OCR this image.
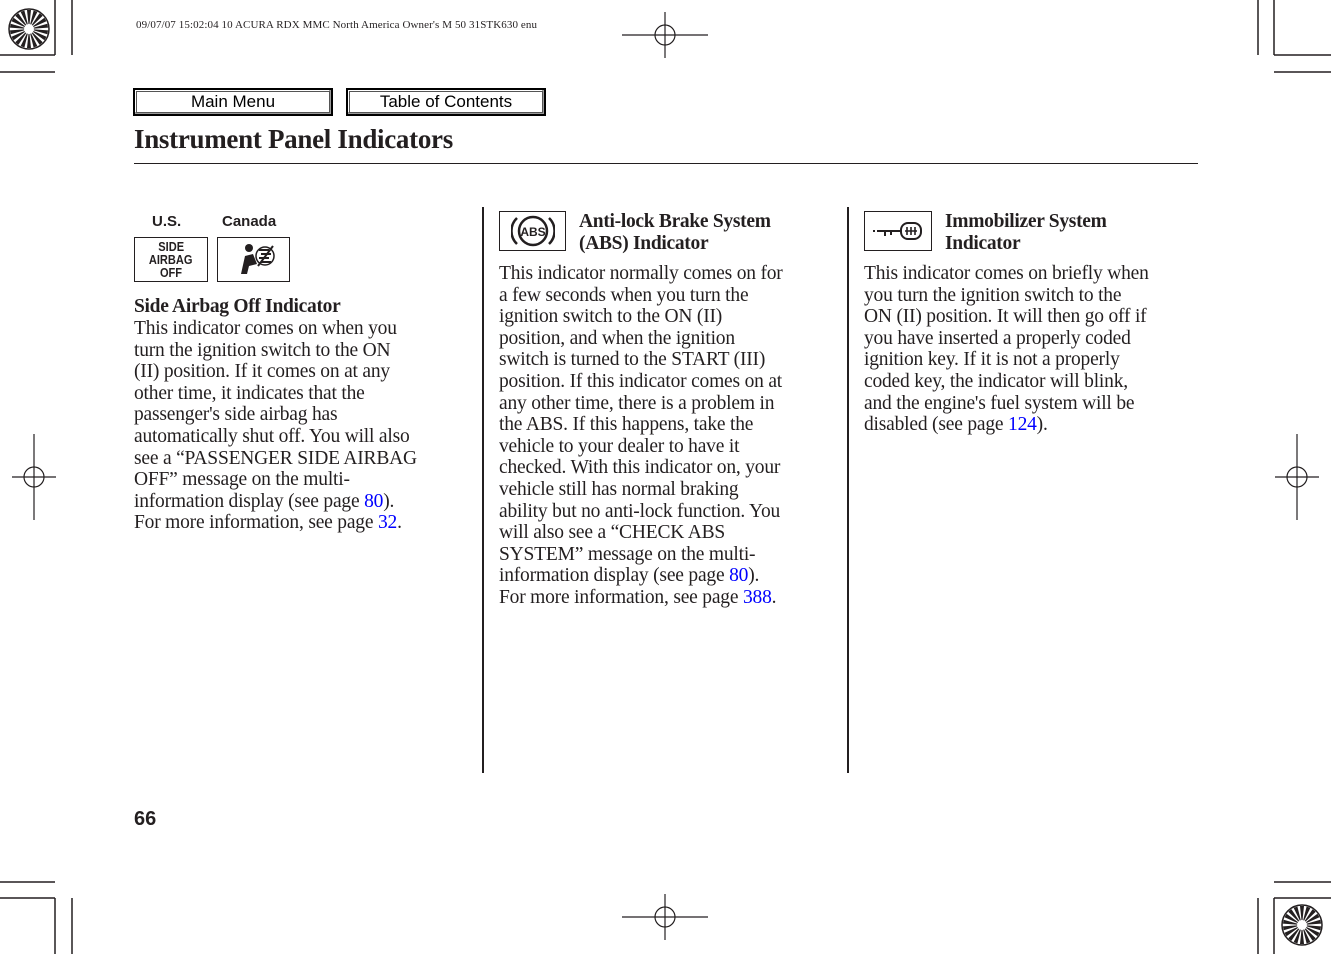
09/07/07 15:02:04 10 ACURA RDX MMC North America Owner's M 50 31STK630 enu
Main Menu	Table of Contents
Instrument Panel Indicators
U.S.	Canada
SIDE
AIRBAG
OFF
Side Airbag Off Indicator
This indicator comes on when you
turn the ignition switch to the ON
(II) position. If it comes on at any
other time, it indicates that the
passenger's side airbag has
automatically shut off. You will also
see a “PASSENGER SIDE AIRBAG
OFF” message on the multi-
information display (see page 80).
For more information, see page 32.
ABS Anti-lock Brake System
(ABS) Indicator
This indicator normally comes on for
a few seconds when you turn the
ignition switch to the ON (II)
position, and when the ignition
switch is turned to the START (III)
position. If this indicator comes on at
any other time, there is a problem in
the ABS. If this happens, take the
vehicle to your dealer to have it
checked. With this indicator on, your
vehicle still has normal braking
ability but no anti-lock function. You
will also see a “CHECK ABS
SYSTEM” message on the multi-
information display (see page 80).
For more information, see page 388.
Immobilizer System
Indicator
This indicator comes on briefly when
you turn the ignition switch to the
ON (II) position. It will then go off if
you have inserted a properly coded
ignition key. If it is not a properly
coded key, the indicator will blink,
and the engine's fuel system will be
disabled (see page 124).
66
